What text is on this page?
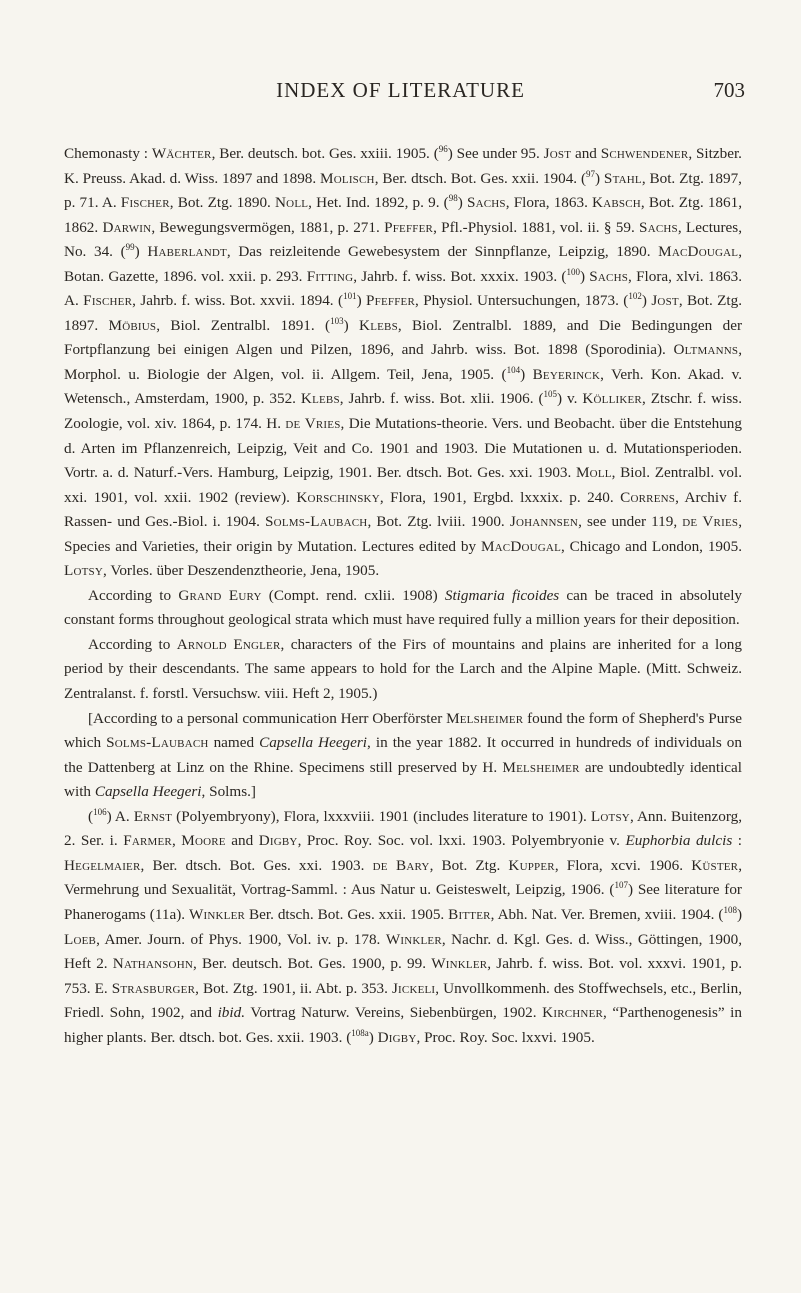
INDEX OF LITERATURE	703

Chemonasty : Wächter, Ber. deutsch. bot. Ges. xxiii. 1905. ($^{96}$) See under 95. Jost and Schwendener, Sitzber. K. Preuss. Akad. d. Wiss. 1897 and 1898. Molisch, Ber. dtsch. Bot. Ges. xxii. 1904. ($^{97}$) Stahl, Bot. Ztg. 1897, p. 71. A. Fischer, Bot. Ztg. 1890. Noll, Het. Ind. 1892, p. 9. ($^{98}$) Sachs, Flora, 1863. Kabsch, Bot. Ztg. 1861, 1862. Darwin, Bewegungsvermögen, 1881, p. 271. Pfeffer, Pfl.-Physiol. 1881, vol. ii. § 59. Sachs, Lectures, No. 34. ($^{99}$) Haberlandt, Das reizleitende Gewebesystem der Sinnpflanze, Leipzig, 1890. MacDougal, Botan. Gazette, 1896. vol. xxii. p. 293. Fitting, Jahrb. f. wiss. Bot. xxxix. 1903. ($^{100}$) Sachs, Flora, xlvi. 1863. A. Fischer, Jahrb. f. wiss. Bot. xxvii. 1894. ($^{101}$) Pfeffer, Physiol. Untersuchungen, 1873. ($^{102}$) Jost, Bot. Ztg. 1897. Möbius, Biol. Zentralbl. 1891. ($^{103}$) Klebs, Biol. Zentralbl. 1889, and Die Bedingungen der Fortpflanzung bei einigen Algen und Pilzen, 1896, and Jahrb. wiss. Bot. 1898 (Sporodinia). Oltmanns, Morphol. u. Biologie der Algen, vol. ii. Allgem. Teil, Jena, 1905. ($^{104}$) Beyerinck, Verh. Kon. Akad. v. Wetensch., Amsterdam, 1900, p. 352. Klebs, Jahrb. f. wiss. Bot. xlii. 1906. ($^{105}$) v. Kölliker, Ztschr. f. wiss. Zoologie, vol. xiv. 1864, p. 174. H. de Vries, Die Mutations-theorie. Vers. und Beobacht. über die Entstehung d. Arten im Pflanzenreich, Leipzig, Veit and Co. 1901 and 1903. Die Mutationen u. d. Mutationsperioden. Vortr. a. d. Naturf.-Vers. Hamburg, Leipzig, 1901. Ber. dtsch. Bot. Ges. xxi. 1903. Moll, Biol. Zentralbl. vol. xxi. 1901, vol. xxii. 1902 (review). Korschinsky, Flora, 1901, Ergbd. lxxxix. p. 240. Correns, Archiv f. Rassen- und Ges.-Biol. i. 1904. Solms-Laubach, Bot. Ztg. lviii. 1900. Johannsen, see under 119, de Vries, Species and Varieties, their origin by Mutation. Lectures edited by MacDougal, Chicago and London, 1905. Lotsy, Vorles. über Deszendenztheorie, Jena, 1905.

According to Grand Eury (Compt. rend. cxlii. 1908) Stigmaria ficoides can be traced in absolutely constant forms throughout geological strata which must have required fully a million years for their deposition.

According to Arnold Engler, characters of the Firs of mountains and plains are inherited for a long period by their descendants. The same appears to hold for the Larch and the Alpine Maple. (Mitt. Schweiz. Zentralanst. f. forstl. Versuchsw. viii. Heft 2, 1905.)

[According to a personal communication Herr Oberförster Melsheimer found the form of Shepherd's Purse which Solms-Laubach named Capsella Heegeri, in the year 1882. It occurred in hundreds of individuals on the Dattenberg at Linz on the Rhine. Specimens still preserved by H. Melsheimer are undoubtedly identical with Capsella Heegeri, Solms.]

($^{106}$) A. Ernst (Polyembryony), Flora, lxxxviii. 1901 (includes literature to 1901). Lotsy, Ann. Buitenzorg, 2. Ser. i. Farmer, Moore and Digby, Proc. Roy. Soc. vol. lxxi. 1903. Polyembryonie v. Euphorbia dulcis : Hegelmaier, Ber. dtsch. Bot. Ges. xxi. 1903. de Bary, Bot. Ztg. Kupper, Flora, xcvi. 1906. Küster, Vermehrung und Sexualität, Vortrag-Samml. : Aus Natur u. Geisteswelt, Leipzig, 1906. ($^{107}$) See literature for Phanerogams (11a). Winkler Ber. dtsch. Bot. Ges. xxii. 1905. Bitter, Abh. Nat. Ver. Bremen, xviii. 1904. ($^{108}$) Loeb, Amer. Journ. of Phys. 1900, Vol. iv. p. 178. Winkler, Nachr. d. Kgl. Ges. d. Wiss., Göttingen, 1900, Heft 2. Nathansohn, Ber. deutsch. Bot. Ges. 1900, p. 99. Winkler, Jahrb. f. wiss. Bot. vol. xxxvi. 1901, p. 753. E. Strasburger, Bot. Ztg. 1901, ii. Abt. p. 353. Jickeli, Unvollkommenh. des Stoffwechsels, etc., Berlin, Friedl. Sohn, 1902, and ibid. Vortrag Naturw. Vereins, Siebenbürgen, 1902. Kirchner, “Parthenogenesis” in higher plants. Ber. dtsch. bot. Ges. xxii. 1903. ($^{108a}$) Digby, Proc. Roy. Soc. lxxvi. 1905.
